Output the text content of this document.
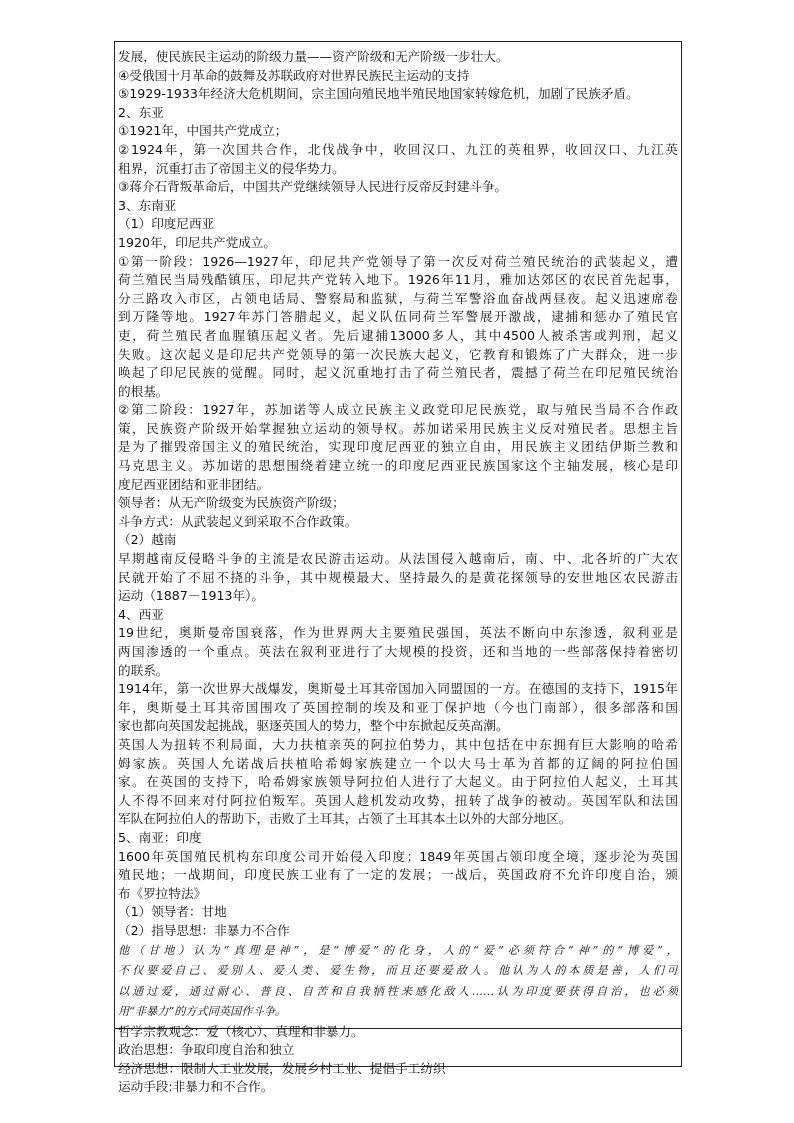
发展，使民族民主运动的阶级力量——资产阶级和无产阶级一步壮大。
④受俄国十月革命的鼓舞及苏联政府对世界民族民主运动的支持
⑤1929-1933年经济大危机期间，宗主国向殖民地半殖民地国家转嫁危机，加剧了民族矛盾。
2、东亚
①1921年，中国共产党成立；
②1924年，第一次国共合作，北伐战争中，收回汉口、九江的英租界，收回汉口、九江英
租界，沉重打击了帝国主义的侵华势力。
③蒋介石背叛革命后，中国共产党继续领导人民进行反帝反封建斗争。
3、东南亚
（1）印度尼西亚
1920年，印尼共产党成立。
①第一阶段：1926—1927年，印尼共产党领导了第一次反对荷兰殖民统治的武装起义，遭
荷兰殖民当局残酷镇压，印尼共产党转入地下。1926年11月，雅加达郊区的农民首先起事，
分三路攻入市区，占领电话局、警察局和监狱，与荷兰军警浴血奋战两昼夜。起义迅速席卷
到万隆等地。1927年苏门答腊起义，起义队伍同荷兰军警展开激战，逮捕和惩办了殖民官
吏，荷兰殖民者血腥镇压起义者。先后逮捕13000多人，其中4500人被杀害或判刑，起义
失败。这次起义是印尼共产党领导的第一次民族大起义，它教育和锻炼了广大群众，进一步
唤起了印尼民族的觉醒。同时，起义沉重地打击了荷兰殖民者，震撼了荷兰在印尼殖民统治
的根基。
②第二阶段：1927年，苏加诺等人成立民族主义政党印尼民族党，取与殖民当局不合作政
策，民族资产阶级开始掌握独立运动的领导权。苏加诺采用民族主义反对殖民者。思想主旨
是为了摧毁帝国主义的殖民统治，实现印度尼西亚的独立自由，用民族主义团结伊斯兰教和
马克思主义。苏加诺的思想围绕着建立统一的印度尼西亚民族国家这个主轴发展，核心是印
度尼西亚团结和亚非团结。
领导者：从无产阶级变为民族资产阶级；
斗争方式：从武装起义到采取不合作政策。
（2）越南
早期越南反侵略斗争的主流是农民游击运动。从法国侵入越南后，南、中、北各圻的广大农
民就开始了不屈不挠的斗争，其中规模最大、坚持最久的是黄花探领导的安世地区农民游击
运动（1887－1913年）。
4、西亚
19世纪，奥斯曼帝国衰落，作为世界两大主要殖民强国，英法不断向中东渗透，叙利亚是
两国渗透的一个重点。英法在叙利亚进行了大规模的投资，还和当地的一些部落保持着密切
的联系。
1914年，第一次世界大战爆发，奥斯曼土耳其帝国加入同盟国的一方。在德国的支持下，1915年
年，奥斯曼土耳其帝国围攻了英国控制的埃及和亚丁保护地（今也门南部），很多部落和国
家也都向英国发起挑战，驱逐英国人的势力，整个中东掀起反英高潮。
英国人为扭转不利局面，大力扶植亲英的阿拉伯势力，其中包括在中东拥有巨大影响的哈希
姆家族。英国人允诺战后扶植哈希姆家族建立一个以大马士革为首都的辽阔的阿拉伯国
家。在英国的支持下，哈希姆家族领导阿拉伯人进行了大起义。由于阿拉伯人起义，土耳其
人不得不回来对付阿拉伯叛军。英国人趁机发动攻势，扭转了战争的被动。英国军队和法国
军队在阿拉伯人的帮助下，击败了土耳其，占领了土耳其本土以外的大部分地区。
5、南亚：印度
1600年英国殖民机构东印度公司开始侵入印度；1849年英国占领印度全境，逐步沦为英国
殖民地；一战期间，印度民族工业有了一定的发展；一战后，英国政府不允许印度自治，颁
布《罗拉特法》
（1）领导者：甘地
（2）指导思想：非暴力不合作
他（甘地）认为“真理是神”，是“博爱”的化身，人的“爱”必须符合“神”的“博爱”，
不仅要爱自己、爱别人、爱人类、爱生物，而且还要爱敌人。他认为人的本质是善，人们可
以通过爱，通过耐心、普良、自苦和自我牺牲来感化敌人……认为印度要获得自治，也必须
用“非暴力”的方式同英国作斗争。
哲学宗教观念：爱（核心）、真理和非暴力。
政治思想：争取印度自治和独立
经济思想：限制大工业发展，发展乡村工业、提倡手工纺织
运动手段:非暴力和不合作。
